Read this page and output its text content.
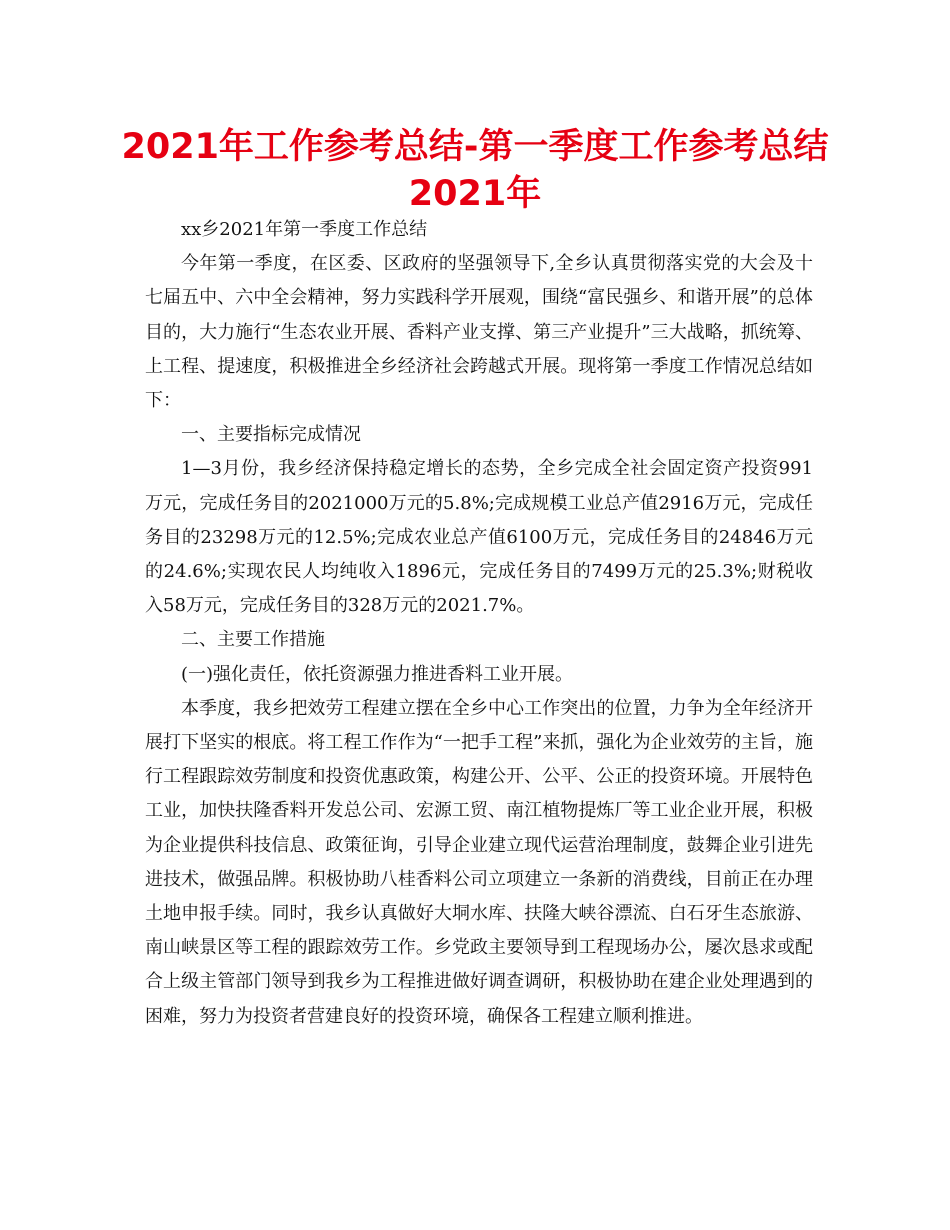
2021年工作参考总结-第一季度工作参考总结
2021年

xx乡2021年第一季度工作总结

今年第一季度，在区委、区政府的坚强领导下,全乡认真贯彻落实党的大会及十七届五中、六中全会精神，努力实践科学开展观，围绕“富民强乡、和谐开展”的总体目的，大力施行“生态农业开展、香料产业支撑、第三产业提升”三大战略，抓统筹、上工程、提速度，积极推进全乡经济社会跨越式开展。现将第一季度工作情况总结如下：

一、主要指标完成情况

1—3月份，我乡经济保持稳定增长的态势，全乡完成全社会固定资产投资991万元，完成任务目的2021000万元的5.8%;完成规模工业总产值2916万元，完成任务目的23298万元的12.5%;完成农业总产值6100万元，完成任务目的24846万元的24.6%;实现农民人均纯收入1896元，完成任务目的7499万元的25.3%;财税收入58万元，完成任务目的328万元的2021.7%。

二、主要工作措施

(一)强化责任，依托资源强力推进香料工业开展。

本季度，我乡把效劳工程建立摆在全乡中心工作突出的位置，力争为全年经济开展打下坚实的根底。将工程工作作为“一把手工程”来抓，强化为企业效劳的主旨，施行工程跟踪效劳制度和投资优惠政策，构建公开、公平、公正的投资环境。开展特色工业，加快扶隆香料开发总公司、宏源工贸、南江植物提炼厂等工业企业开展，积极为企业提供科技信息、政策征询，引导企业建立现代运营治理制度，鼓舞企业引进先进技术，做强品牌。积极协助八桂香料公司立项建立一条新的消费线，目前正在办理土地申报手续。同时，我乡认真做好大垌水库、扶隆大峡谷漂流、白石牙生态旅游、南山峡景区等工程的跟踪效劳工作。乡党政主要领导到工程现场办公，屡次恳求或配合上级主管部门领导到我乡为工程推进做好调查调研，积极协助在建企业处理遇到的困难，努力为投资者营建良好的投资环境，确保各工程建立顺利推进。
